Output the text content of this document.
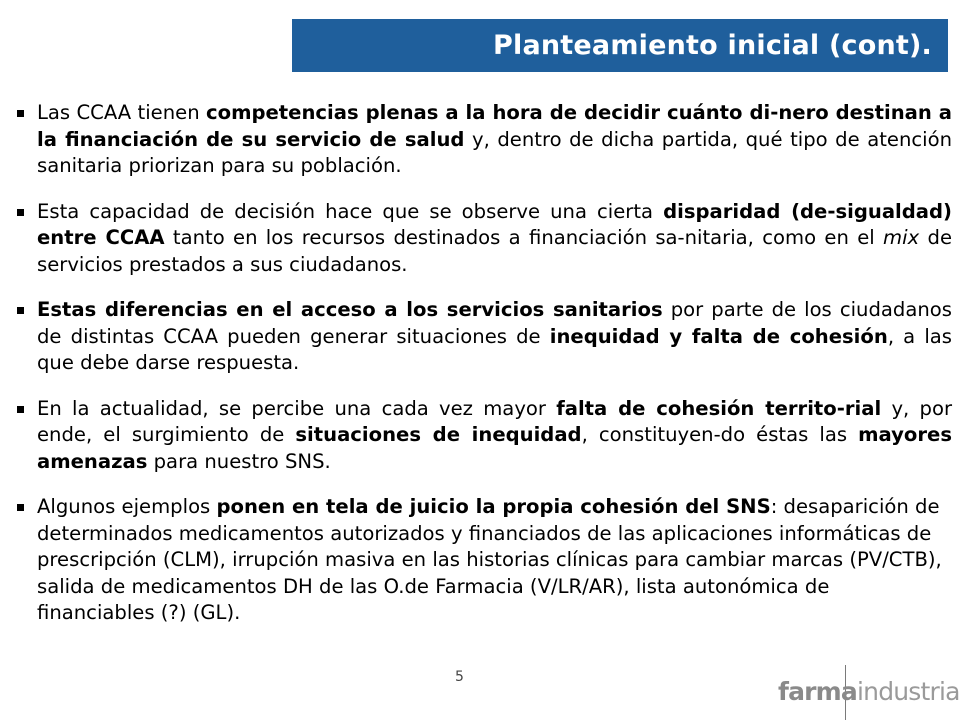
Planteamiento inicial (cont).
Las CCAA tienen competencias plenas a la hora de decidir cuánto di-nero destinan a la financiación de su servicio de salud y, dentro de dicha partida, qué tipo de atención sanitaria priorizan para su población.
Esta capacidad de decisión hace que se observe una cierta disparidad (de-sigualdad) entre CCAA tanto en los recursos destinados a financiación sa-nitaria, como en el mix de servicios prestados a sus ciudadanos.
Estas diferencias en el acceso a los servicios sanitarios por parte de los ciudadanos de distintas CCAA pueden generar situaciones de inequidad y falta de cohesión, a las que debe darse respuesta.
En la actualidad, se percibe una cada vez mayor falta de cohesión territo-rial y, por ende, el surgimiento de situaciones de inequidad, constituyen-do éstas las mayores amenazas para nuestro SNS.
Algunos ejemplos ponen en tela de juicio la propia cohesión del SNS: desaparición de determinados medicamentos autorizados y financiados de las aplicaciones informáticas de prescripción (CLM), irrupción masiva en las historias clínicas para cambiar marcas (PV/CTB), salida de medicamentos DH de las O.de Farmacia (V/LR/AR), lista autonómica de financiables (?) (GL).
5	farmaindustria
